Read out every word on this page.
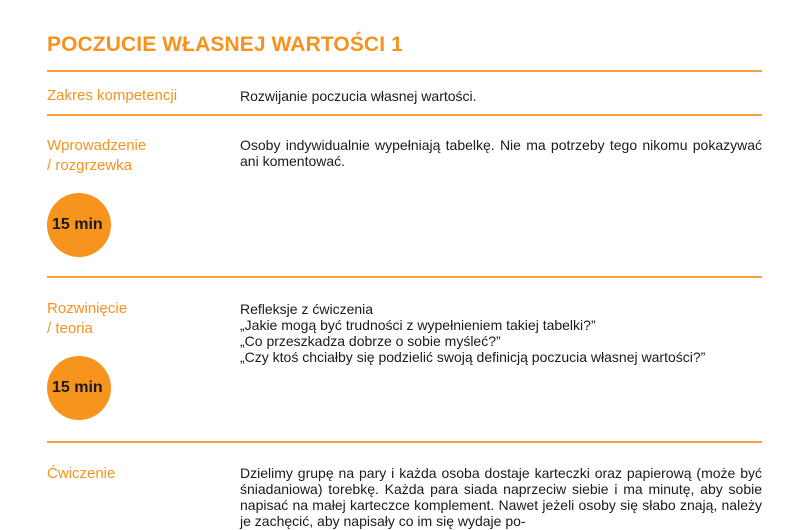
POCZUCIE WŁASNEJ WARTOŚCI 1
Zakres kompetencji	Rozwijanie poczucia własnej wartości.
Wprowadzenie
/ rozgrzewka
Osoby indywidualnie wypełniają tabelkę. Nie ma potrzeby tego nikomu pokazywać ani komentować.
15 min
Rozwinięcie
/ teoria

Refleksje z ćwiczenia

„Jakie mogą być trudności z wypełnieniem takiej tabelki?”

„Co przeszkadza dobrze o sobie myśleć?”

„Czy ktoś chciałby się podzielić swoją definicją poczucia własnej wartości?”

15 min
Ćwiczenie	Dzielimy grupę na pary i każda osoba dostaje karteczki oraz papierową (może być śniadaniowa) torebkę. Każda para siada naprzeciw siebie i ma minutę, aby sobie napisać na małej karteczce komplement. Nawet jeżeli osoby się słabo znają, należy je zachęcić, aby napisały co im się wydaje po-
